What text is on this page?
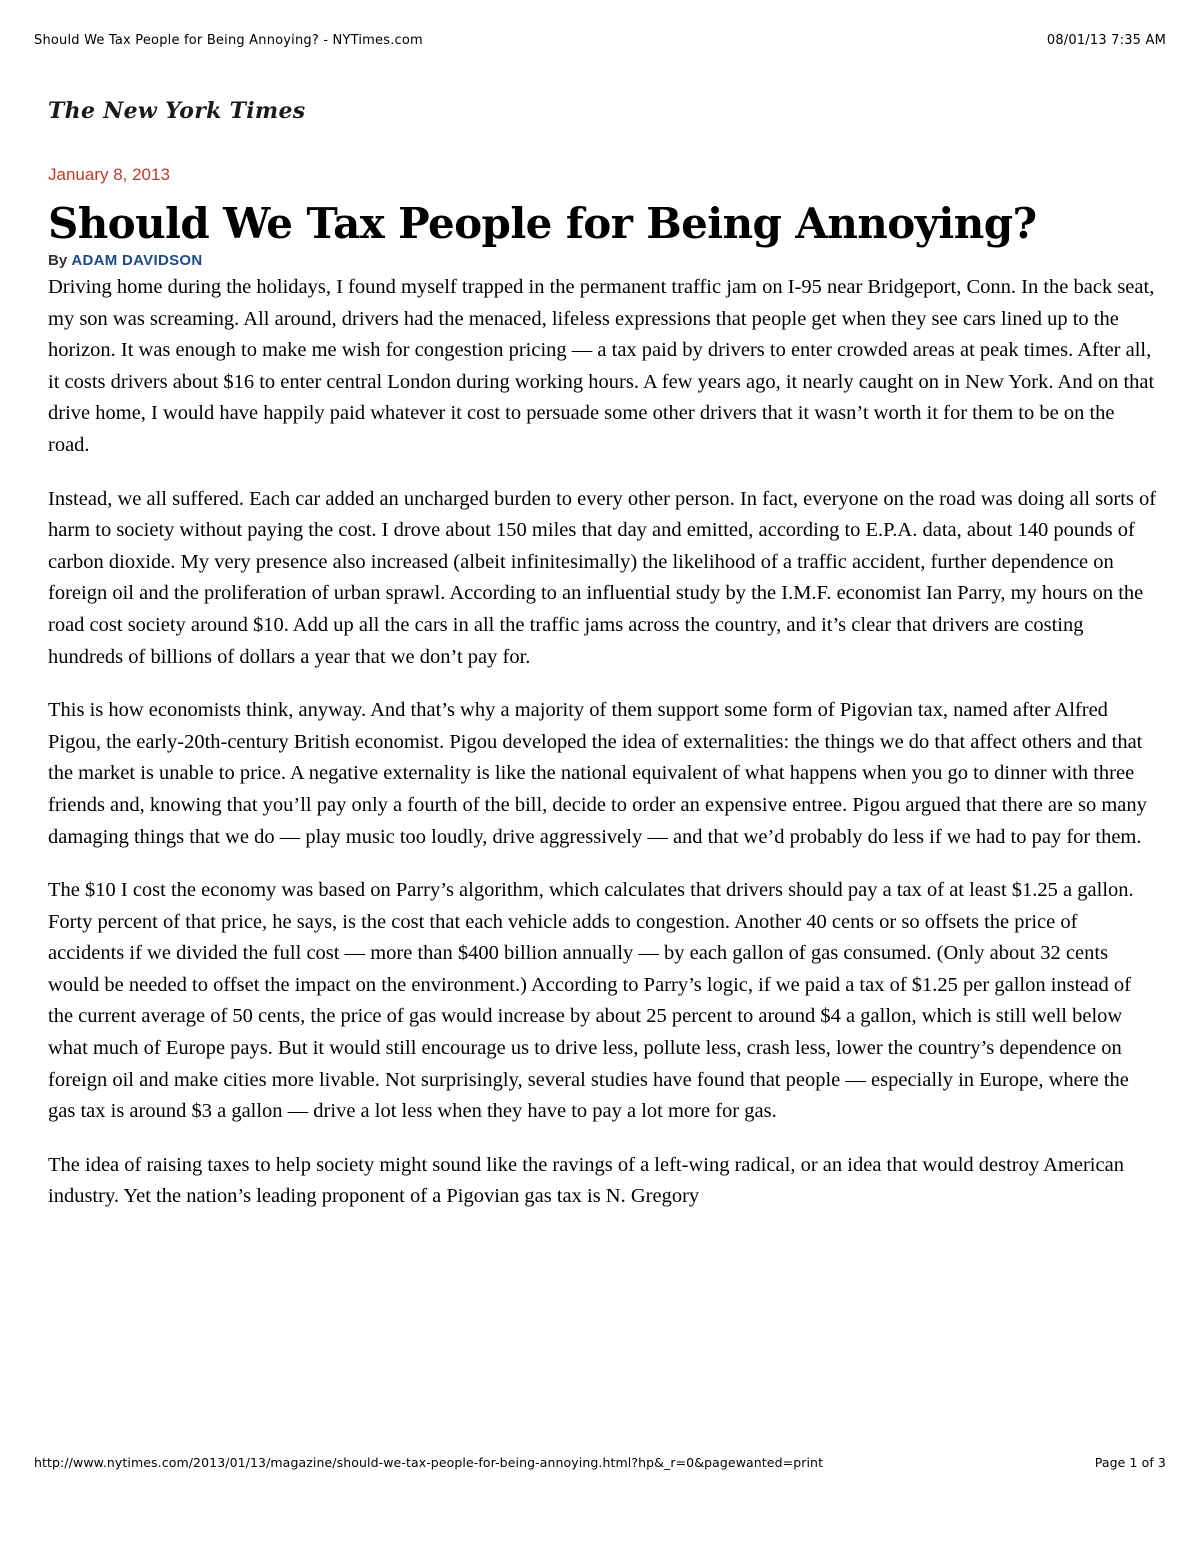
Should We Tax People for Being Annoying? - NYTimes.com	08/01/13 7:35 AM
The New York Times

January 8, 2013

Should We Tax People for Being Annoying?

By ADAM DAVIDSON

Driving home during the holidays, I found myself trapped in the permanent traffic jam on I-95 near Bridgeport, Conn. In the back seat, my son was screaming. All around, drivers had the menaced, lifeless expressions that people get when they see cars lined up to the horizon. It was enough to make me wish for congestion pricing — a tax paid by drivers to enter crowded areas at peak times. After all, it costs drivers about $16 to enter central London during working hours. A few years ago, it nearly caught on in New York. And on that drive home, I would have happily paid whatever it cost to persuade some other drivers that it wasn’t worth it for them to be on the road.

Instead, we all suffered. Each car added an uncharged burden to every other person. In fact, everyone on the road was doing all sorts of harm to society without paying the cost. I drove about 150 miles that day and emitted, according to E.P.A. data, about 140 pounds of carbon dioxide. My very presence also increased (albeit infinitesimally) the likelihood of a traffic accident, further dependence on foreign oil and the proliferation of urban sprawl. According to an influential study by the I.M.F. economist Ian Parry, my hours on the road cost society around $10. Add up all the cars in all the traffic jams across the country, and it’s clear that drivers are costing hundreds of billions of dollars a year that we don’t pay for.

This is how economists think, anyway. And that’s why a majority of them support some form of Pigovian tax, named after Alfred Pigou, the early-20th-century British economist. Pigou developed the idea of externalities: the things we do that affect others and that the market is unable to price. A negative externality is like the national equivalent of what happens when you go to dinner with three friends and, knowing that you’ll pay only a fourth of the bill, decide to order an expensive entree. Pigou argued that there are so many damaging things that we do — play music too loudly, drive aggressively — and that we’d probably do less if we had to pay for them.

The $10 I cost the economy was based on Parry’s algorithm, which calculates that drivers should pay a tax of at least $1.25 a gallon. Forty percent of that price, he says, is the cost that each vehicle adds to congestion. Another 40 cents or so offsets the price of accidents if we divided the full cost — more than $400 billion annually — by each gallon of gas consumed. (Only about 32 cents would be needed to offset the impact on the environment.) According to Parry’s logic, if we paid a tax of $1.25 per gallon instead of the current average of 50 cents, the price of gas would increase by about 25 percent to around $4 a gallon, which is still well below what much of Europe pays. But it would still encourage us to drive less, pollute less, crash less, lower the country’s dependence on foreign oil and make cities more livable. Not surprisingly, several studies have found that people — especially in Europe, where the gas tax is around $3 a gallon — drive a lot less when they have to pay a lot more for gas.

The idea of raising taxes to help society might sound like the ravings of a left-wing radical, or an idea that would destroy American industry. Yet the nation’s leading proponent of a Pigovian gas tax is N. Gregory

http://www.nytimes.com/2013/01/13/magazine/should-we-tax-people-for-being-annoying.html?hp&_r=0&pagewanted=print	Page 1 of 3
